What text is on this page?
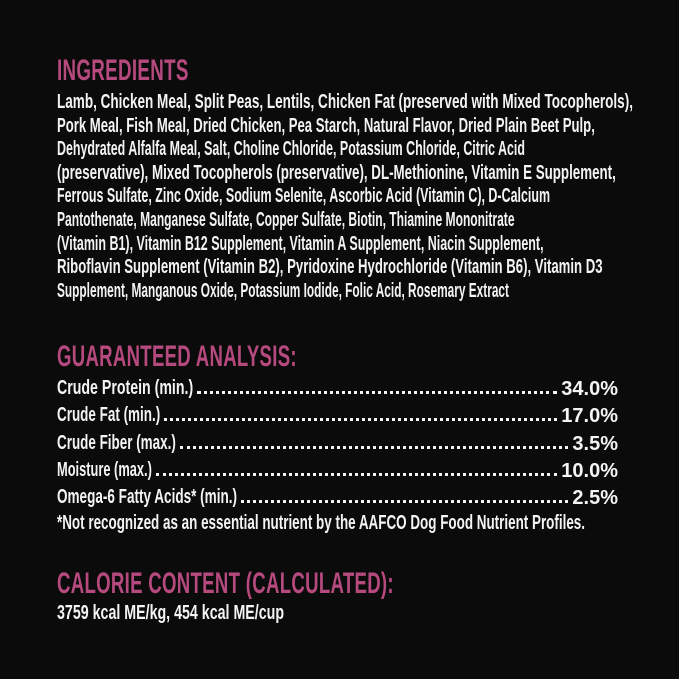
INGREDIENTS
Lamb, Chicken Meal, Split Peas, Lentils, Chicken Fat (preserved with Mixed Tocopherols),
Pork Meal, Fish Meal, Dried Chicken, Pea Starch, Natural Flavor, Dried Plain Beet Pulp,
Dehydrated Alfalfa Meal, Salt, Choline Chloride, Potassium Chloride, Citric Acid
(preservative), Mixed Tocopherols (preservative), DL-Methionine, Vitamin E Supplement,
Ferrous Sulfate, Zinc Oxide, Sodium Selenite, Ascorbic Acid (Vitamin C), D-Calcium
Pantothenate, Manganese Sulfate, Copper Sulfate, Biotin, Thiamine Mononitrate
(Vitamin B1), Vitamin B12 Supplement, Vitamin A Supplement, Niacin Supplement,
Riboflavin Supplement (Vitamin B2), Pyridoxine Hydrochloride (Vitamin B6), Vitamin D3
Supplement, Manganous Oxide, Potassium Iodide, Folic Acid, Rosemary Extract
GUARANTEED ANALYSIS:
Crude Protein (min.)	34.0%
Crude Fat (min.)	17.0%
Crude Fiber (max.)	3.5%
Moisture (max.)	10.0%
Omega-6 Fatty Acids* (min.)	2.5%
*Not recognized as an essential nutrient by the AAFCO Dog Food Nutrient Profiles.
CALORIE CONTENT (CALCULATED):
3759 kcal ME/kg, 454 kcal ME/cup
